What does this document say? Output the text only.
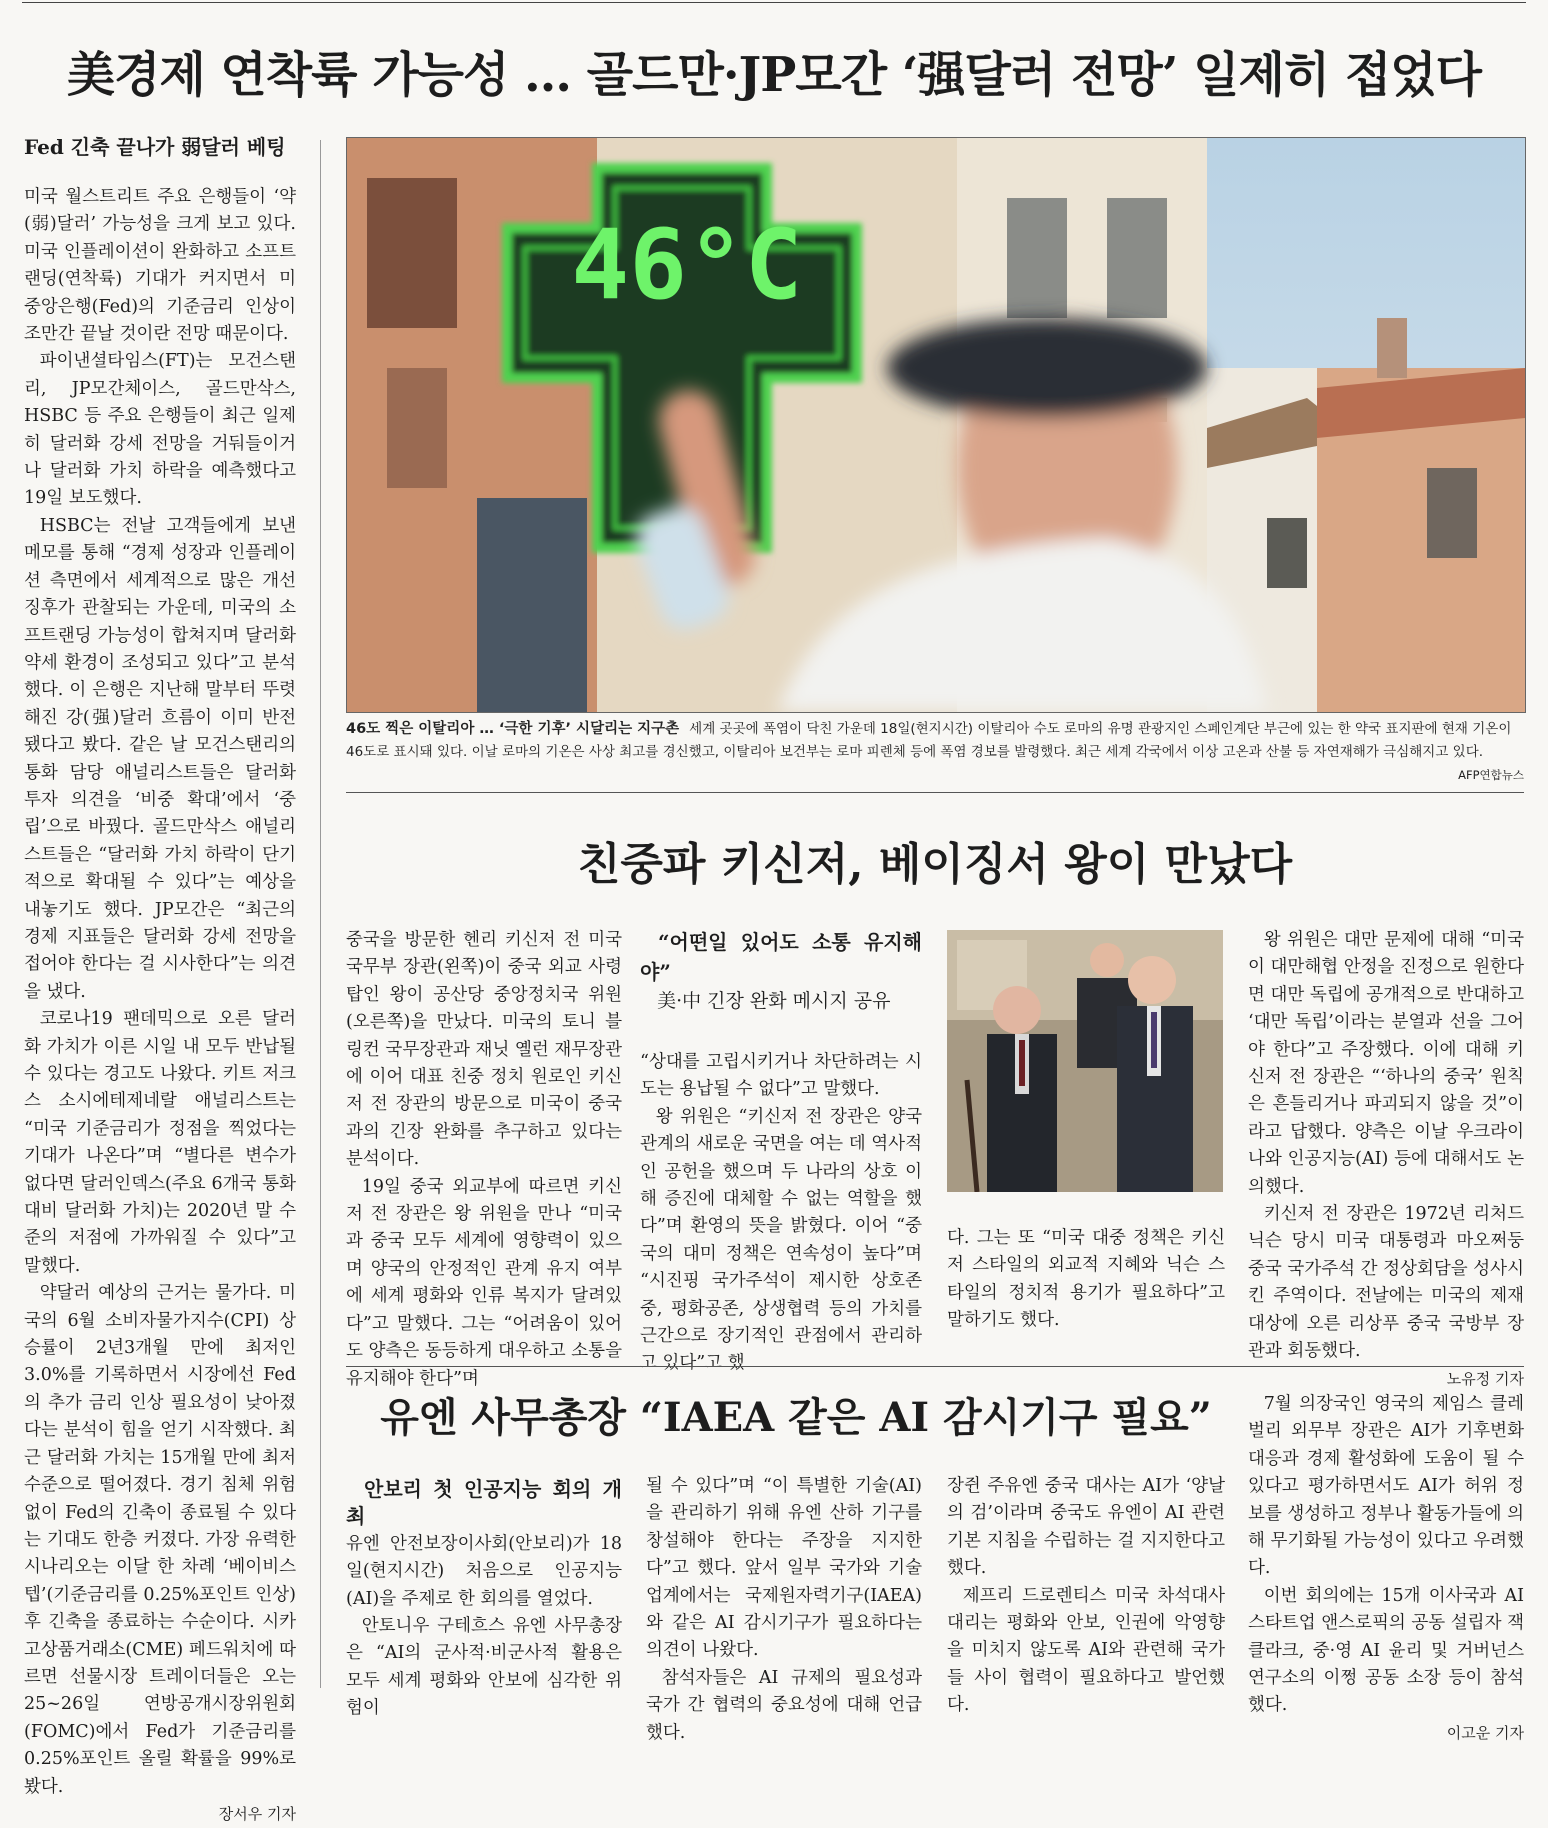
美경제 연착륙 가능성 … 골드만·JP모간 ‘强달러 전망’ 일제히 접었다

Fed 긴축 끝나가 弱달러 베팅

미국 월스트리트 주요 은행들이 ‘약(弱)달러’ 가능성을 크게 보고 있다. 미국 인플레이션이 완화하고 소프트랜딩(연착륙) 기대가 커지면서 미 중앙은행(Fed)의 기준금리 인상이 조만간 끝날 것이란 전망 때문이다.

파이낸셜타임스(FT)는 모건스탠리, JP모간체이스, 골드만삭스, HSBC 등 주요 은행들이 최근 일제히 달러화 강세 전망을 거둬들이거나 달러화 가치 하락을 예측했다고 19일 보도했다.

HSBC는 전날 고객들에게 보낸 메모를 통해 “경제 성장과 인플레이션 측면에서 세계적으로 많은 개선 징후가 관찰되는 가운데, 미국의 소프트랜딩 가능성이 합쳐지며 달러화 약세 환경이 조성되고 있다”고 분석했다. 이 은행은 지난해 말부터 뚜렷해진 강(强)달러 흐름이 이미 반전됐다고 봤다. 같은 날 모건스탠리의 통화 담당 애널리스트들은 달러화 투자 의견을 ‘비중 확대’에서 ‘중립’으로 바꿨다. 골드만삭스 애널리스트들은 “달러화 가치 하락이 단기적으로 확대될 수 있다”는 예상을 내놓기도 했다. JP모간은 “최근의 경제 지표들은 달러화 강세 전망을 접어야 한다는 걸 시사한다”는 의견을 냈다.

코로나19 팬데믹으로 오른 달러화 가치가 이른 시일 내 모두 반납될 수 있다는 경고도 나왔다. 키트 저크스 소시에테제네랄 애널리스트는 “미국 기준금리가 정점을 찍었다는 기대가 나온다”며 “별다른 변수가 없다면 달러인덱스(주요 6개국 통화 대비 달러화 가치)는 2020년 말 수준의 저점에 가까워질 수 있다”고 말했다.

약달러 예상의 근거는 물가다. 미국의 6월 소비자물가지수(CPI) 상승률이 2년3개월 만에 최저인 3.0%를 기록하면서 시장에선 Fed의 추가 금리 인상 필요성이 낮아졌다는 분석이 힘을 얻기 시작했다. 최근 달러화 가치는 15개월 만에 최저 수준으로 떨어졌다. 경기 침체 위험 없이 Fed의 긴축이 종료될 수 있다는 기대도 한층 커졌다. 가장 유력한 시나리오는 이달 한 차례 ‘베이비스텝’(기준금리를 0.25%포인트 인상) 후 긴축을 종료하는 수순이다. 시카고상품거래소(CME) 페드워치에 따르면 선물시장 트레이더들은 오는 25~26일 연방공개시장위원회(FOMC)에서 Fed가 기준금리를 0.25%포인트 올릴 확률을 99%로 봤다.

장서우 기자
46°C
46도 찍은 이탈리아 … ‘극한 기후’ 시달리는 지구촌 세계 곳곳에 폭염이 닥친 가운데 18일(현지시간) 이탈리아 수도 로마의 유명 관광지인 스페인계단 부근에 있는 한 약국 표지판에 현재 기온이 46도로 표시돼 있다. 이날 로마의 기온은 사상 최고를 경신했고, 이탈리아 보건부는 로마 피렌체 등에 폭염 경보를 발령했다. 최근 세계 각국에서 이상 고온과 산불 등 자연재해가 극심해지고 있다.
AFP연합뉴스
친중파 키신저, 베이징서 왕이 만났다

중국을 방문한 헨리 키신저 전 미국 국무부 장관(왼쪽)이 중국 외교 사령탑인 왕이 공산당 중앙정치국 위원(오른쪽)을 만났다. 미국의 토니 블링컨 국무장관과 재닛 옐런 재무장관에 이어 대표 친중 정치 원로인 키신저 전 장관의 방문으로 미국이 중국과의 긴장 완화를 추구하고 있다는 분석이다.

19일 중국 외교부에 따르면 키신저 전 장관은 왕 위원을 만나 “미국과 중국 모두 세계에 영향력이 있으며 양국의 안정적인 관계 유지 여부에 세계 평화와 인류 복지가 달려있다”고 말했다. 그는 “어려움이 있어도 양측은 동등하게 대우하고 소통을 유지해야 한다”며

“어떤일 있어도 소통 유지해야”

美·中 긴장 완화 메시지 공유

“상대를 고립시키거나 차단하려는 시도는 용납될 수 없다”고 말했다.

왕 위원은 “키신저 전 장관은 양국 관계의 새로운 국면을 여는 데 역사적인 공헌을 했으며 두 나라의 상호 이해 증진에 대체할 수 없는 역할을 했다”며 환영의 뜻을 밝혔다. 이어 “중국의 대미 정책은 연속성이 높다”며 “시진핑 국가주석이 제시한 상호존중, 평화공존, 상생협력 등의 가치를 근간으로 장기적인 관점에서 관리하고 있다”고 했

다. 그는 또 “미국 대중 정책은 키신저 스타일의 외교적 지혜와 닉슨 스타일의 정치적 용기가 필요하다”고 말하기도 했다.

왕 위원은 대만 문제에 대해 “미국이 대만해협 안정을 진정으로 원한다면 대만 독립에 공개적으로 반대하고 ‘대만 독립’이라는 분열과 선을 그어야 한다”고 주장했다. 이에 대해 키신저 전 장관은 “‘하나의 중국’ 원칙은 흔들리거나 파괴되지 않을 것”이라고 답했다. 양측은 이날 우크라이나와 인공지능(AI) 등에 대해서도 논의했다.

키신저 전 장관은 1972년 리처드 닉슨 당시 미국 대통령과 마오쩌둥 중국 국가주석 간 정상회담을 성사시킨 주역이다. 전날에는 미국의 제재 대상에 오른 리상푸 중국 국방부 장관과 회동했다.

노유정 기자
유엔 사무총장 “IAEA 같은 AI 감시기구 필요”

안보리 첫 인공지능 회의 개최

유엔 안전보장이사회(안보리)가 18일(현지시간) 처음으로 인공지능(AI)을 주제로 한 회의를 열었다.

안토니우 구테흐스 유엔 사무총장은 “AI의 군사적·비군사적 활용은 모두 세계 평화와 안보에 심각한 위험이

될 수 있다”며 “이 특별한 기술(AI)을 관리하기 위해 유엔 산하 기구를 창설해야 한다는 주장을 지지한다”고 했다. 앞서 일부 국가와 기술업계에서는 국제원자력기구(IAEA)와 같은 AI 감시기구가 필요하다는 의견이 나왔다.

참석자들은 AI 규제의 필요성과 국가 간 협력의 중요성에 대해 언급했다.

장쥔 주유엔 중국 대사는 AI가 ‘양날의 검’이라며 중국도 유엔이 AI 관련 기본 지침을 수립하는 걸 지지한다고 했다.

제프리 드로렌티스 미국 차석대사 대리는 평화와 안보, 인권에 악영향을 미치지 않도록 AI와 관련해 국가들 사이 협력이 필요하다고 발언했다.

7월 의장국인 영국의 제임스 클레벌리 외무부 장관은 AI가 기후변화 대응과 경제 활성화에 도움이 될 수 있다고 평가하면서도 AI가 허위 정보를 생성하고 정부나 활동가들에 의해 무기화될 가능성이 있다고 우려했다.

이번 회의에는 15개 이사국과 AI 스타트업 앤스로픽의 공동 설립자 잭 클라크, 중·영 AI 윤리 및 거버넌스 연구소의 이쩡 공동 소장 등이 참석했다.

이고운 기자
